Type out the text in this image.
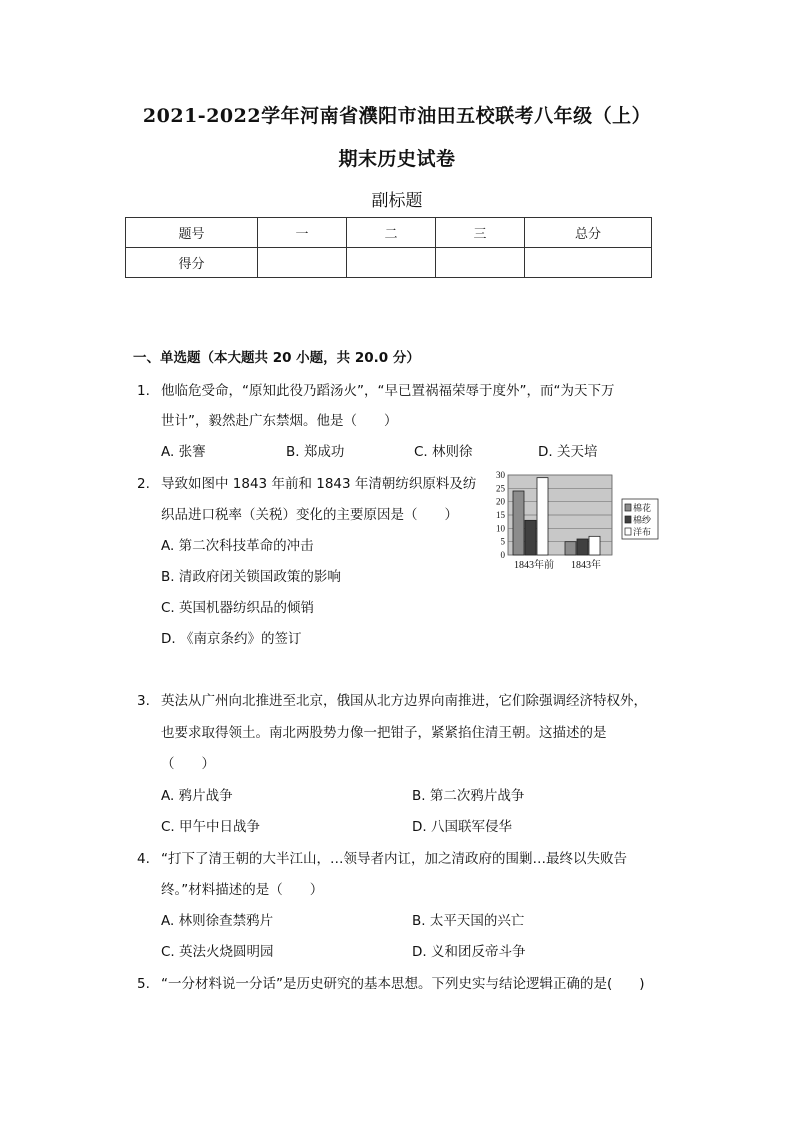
2021-2022学年河南省濮阳市油田五校联考八年级（上）
期末历史试卷
副标题
题号	一	二	三	总分
得分				
一、单选题（本大题共 20 小题，共 20.0 分）
1. 他临危受命，“原知此役乃蹈汤火”，“早已置祸福荣辱于度外”，而“为天下万
世计”，毅然赴广东禁烟。他是（　　）
A. 张謇	B. 郑成功	C. 林则徐	D. 关天培
2. 导致如图中 1843 年前和 1843 年清朝纺织原料及纺
织品进口税率（关税）变化的主要原因是（　　）
A. 第二次科技革命的冲击
B. 清政府闭关锁国政策的影响
C. 英国机器纺织品的倾销
D. 《南京条约》的签订
0
5
10
15
20
25
30
1843年前 1843年
棉花
棉纱
洋布
3. 英法从广州向北推进至北京，俄国从北方边界向南推进，它们除强调经济特权外，
也要求取得领土。南北两股势力像一把钳子，紧紧掐住清王朝。这描述的是
（　　）
A. 鸦片战争	B. 第二次鸦片战争
C. 甲午中日战争	D. 八国联军侵华
4. “打下了清王朝的大半江山，…领导者内讧，加之清政府的围剿…最终以失败告
终。”材料描述的是（　　）
A. 林则徐查禁鸦片	B. 太平天国的兴亡
C. 英法火烧圆明园	D. 义和团反帝斗争
5. “一分材料说一分话”是历史研究的基本思想。下列史实与结论逻辑正确的是(　　)
